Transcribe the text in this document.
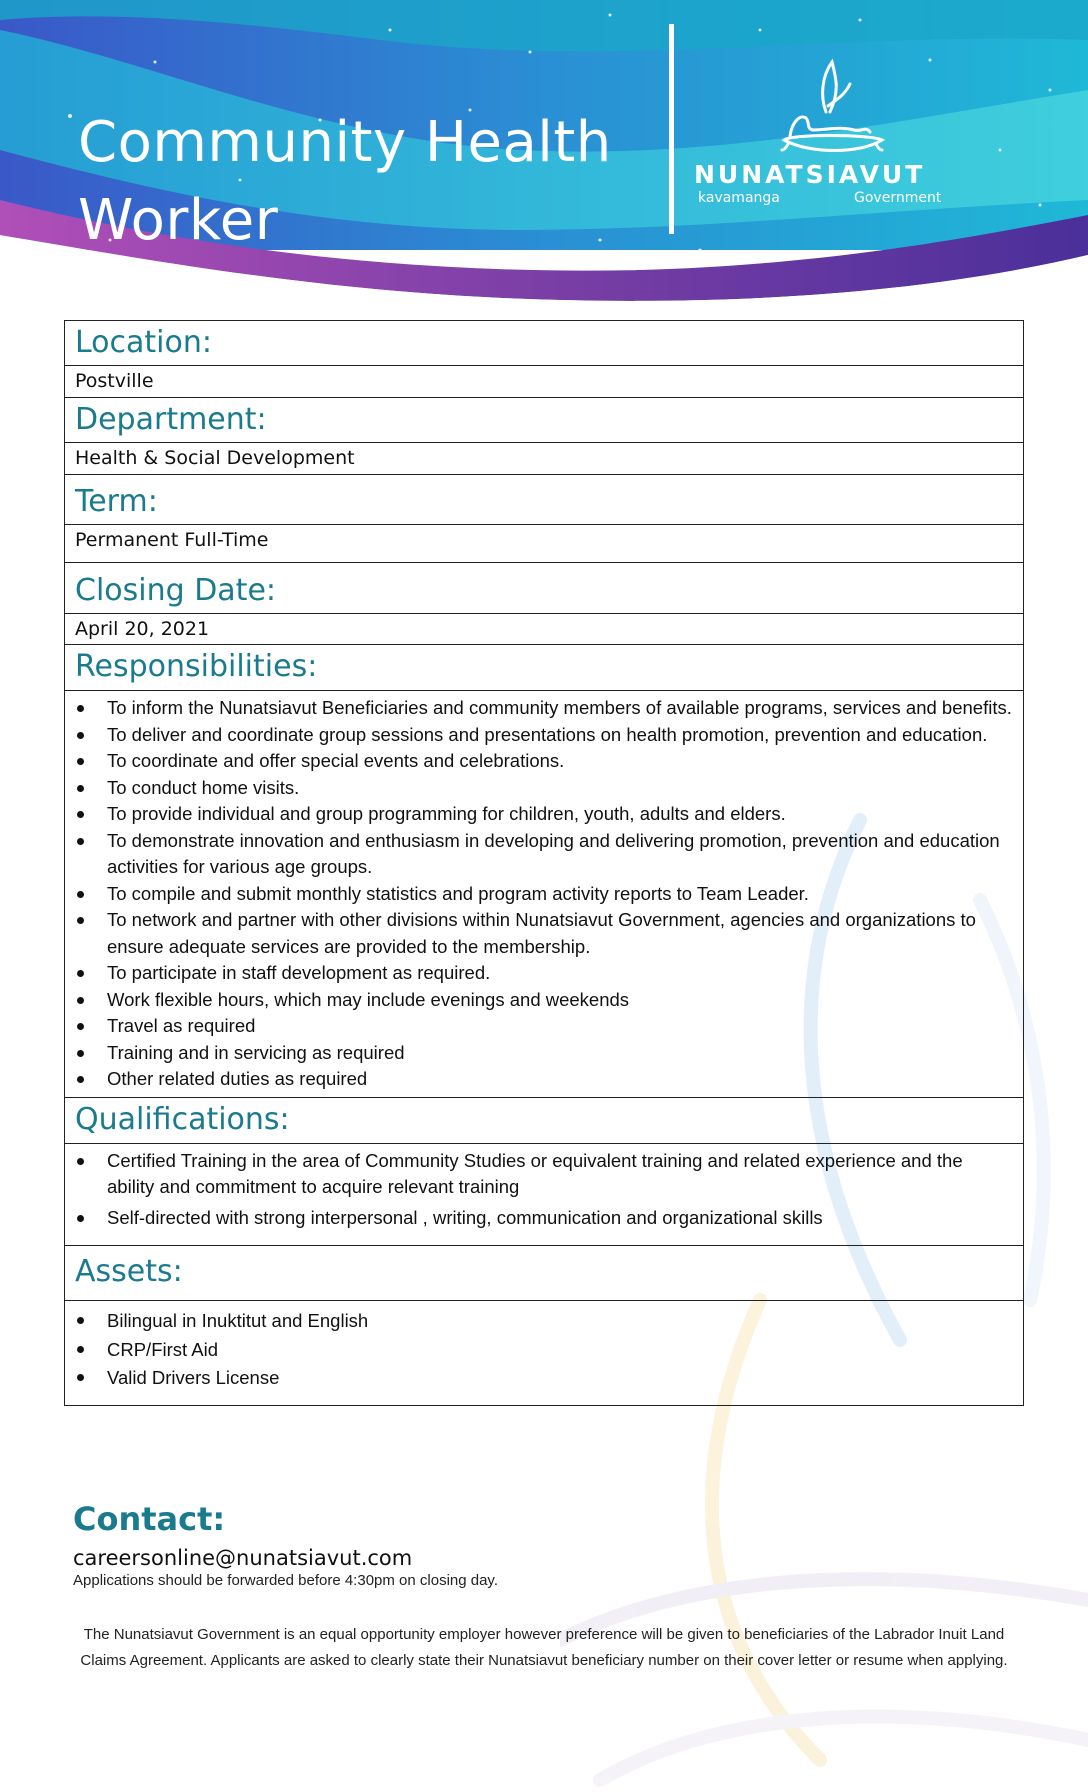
Community Health
Worker
NUNATSIAVUT
kavamanga	Government
Location:
Postville
Department:
Health & Social Development
Term:
Permanent Full-Time
Closing Date:
April 20, 2021
Responsibilities:
To inform the Nunatsiavut Beneficiaries and community members of available programs, services and benefits.
To deliver and coordinate group sessions and presentations on health promotion, prevention and education.
To coordinate and offer special events and celebrations.
To conduct home visits.
To provide individual and group programming for children, youth, adults and elders.
To demonstrate innovation and enthusiasm in developing and delivering promotion, prevention and education activities for various age groups.
To compile and submit monthly statistics and program activity reports to Team Leader.
To network and partner with other divisions within Nunatsiavut Government, agencies and organizations to ensure adequate services are provided to the membership.
To participate in staff development as required.
Work flexible hours, which may include evenings and weekends
Travel as required
Training and in servicing as required
Other related duties as required
Qualifications:
Certified Training in the area of Community Studies or equivalent training and related experience and the ability and commitment to acquire relevant training
Self-directed with strong interpersonal , writing, communication and organizational skills
Assets:
Bilingual in Inuktitut and English
CRP/First Aid
Valid Drivers License
Contact:
careersonline@nunatsiavut.com
Applications should be forwarded before 4:30pm on closing day.
The Nunatsiavut Government is an equal opportunity employer however preference will be given to beneficiaries of the Labrador Inuit Land Claims Agreement. Applicants are asked to clearly state their Nunatsiavut beneficiary number on their cover letter or resume when applying.
